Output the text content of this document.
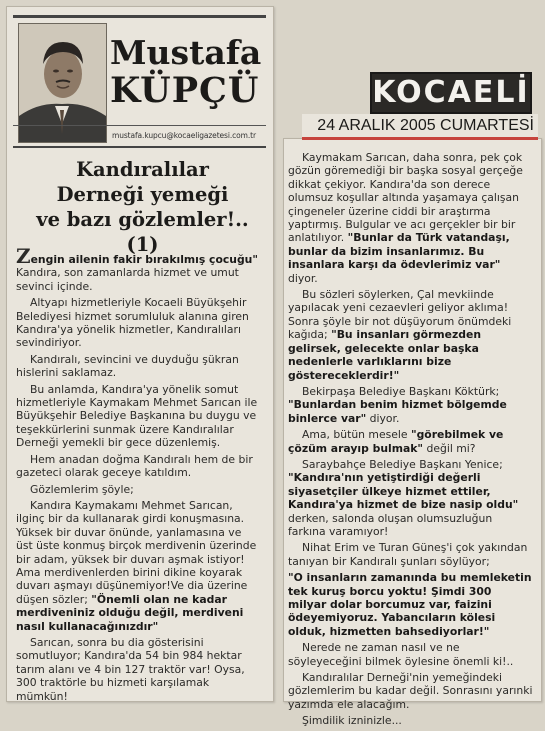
Mustafa
KÜPÇÜ
mustafa.kupcu@kocaeligazetesi.com.tr
Kandıralılar
Derneği yemeği
ve bazı gözlemler!.. (1)

Zengin ailenin fakir bırakılmış çocuğu" Kandıra, son zamanlarda hizmet ve umut sevinci içinde.

Altyapı hizmetleriyle Kocaeli Büyükşehir Belediyesi hizmet sorumluluk alanına giren Kandıra'ya yönelik hizmetler, Kandıralıları sevindiriyor.

Kandıralı, sevincini ve duyduğu şükran hislerini saklamaz.

Bu anlamda, Kandıra'ya yönelik somut hizmetleriyle Kaymakam Mehmet Sarıcan ile Büyükşehir Belediye Başkanına bu duygu ve teşekkürlerini sunmak üzere Kandıralılar Derneği yemekli bir gece düzenlemiş.

Hem anadan doğma Kandıralı hem de bir gazeteci olarak geceye katıldım.

Gözlemlerim şöyle;

Kandıra Kaymakamı Mehmet Sarıcan, ilginç bir da kullanarak girdi konuşmasına. Yüksek bir duvar önünde, yanlamasına ve üst üste konmuş birçok merdivenin üzerinde bir adam, yüksek bir duvarı aşmak istiyor! Ama merdivenlerden birini dikine koyarak duvarı aşmayı düşünemiyor!Ve dia üzerine düşen sözler; "Önemli olan ne kadar merdiveniniz olduğu değil, merdiveni nasıl kullanacağınızdır"

Sarıcan, sonra bu dia gösterisini somutluyor; Kandıra'da 54 bin 984 hektar tarım alanı ve 4 bin 127 traktör var! Oysa, 300 traktörle bu hizmeti karşılamak mümkün!

KOCAELİ
24 ARALIK 2005 CUMARTESİ

Kaymakam Sarıcan, daha sonra, pek çok gözün göremediği bir başka sosyal gerçeğe dikkat çekiyor. Kandıra'da son derece olumsuz koşullar altında yaşamaya çalışan çingeneler üzerine ciddi bir araştırma yaptırmış. Bulgular ve acı gerçekler bir bir anlatılıyor. "Bunlar da Türk vatandaşı, bunlar da bizim insanlarımız. Bu insanlara karşı da ödevlerimiz var" diyor.

Bu sözleri söylerken, Çal mevkiinde yapılacak yeni cezaevleri geliyor aklıma! Sonra şöyle bir not düşüyorum önümdeki kağıda; "Bu insanları görmezden gelirsek, gelecekte onlar başka nedenlerle varlıklarını bize göstereceklerdir!"

Bekirpaşa Belediye Başkanı Köktürk; "Bunlardan benim hizmet bölgemde binlerce var" diyor.

Ama, bütün mesele "görebilmek ve çözüm arayıp bulmak" değil mi?

Saraybahçe Belediye Başkanı Yenice; "Kandıra'nın yetiştirdiği değerli siyasetçiler ülkeye hizmet ettiler, Kandıra'ya hizmet de bize nasip oldu" derken, salonda oluşan olumsuzluğun farkına varamıyor!

Nihat Erim ve Turan Güneş'i çok yakından tanıyan bir Kandıralı şunları söylüyor;

"O insanların zamanında bu memleketin tek kuruş borcu yoktu! Şimdi 300 milyar dolar borcumuz var, faizini ödeyemiyoruz. Yabancıların kölesi olduk, hizmetten bahsediyorlar!"

Nerede ne zaman nasıl ve ne söyleyeceğini bilmek öylesine önemli ki!..

Kandıralılar Derneği'nin yemeğindeki gözlemlerim bu kadar değil. Sonrasını yarınki yazımda ele alacağım.

Şimdilik izninizle...
